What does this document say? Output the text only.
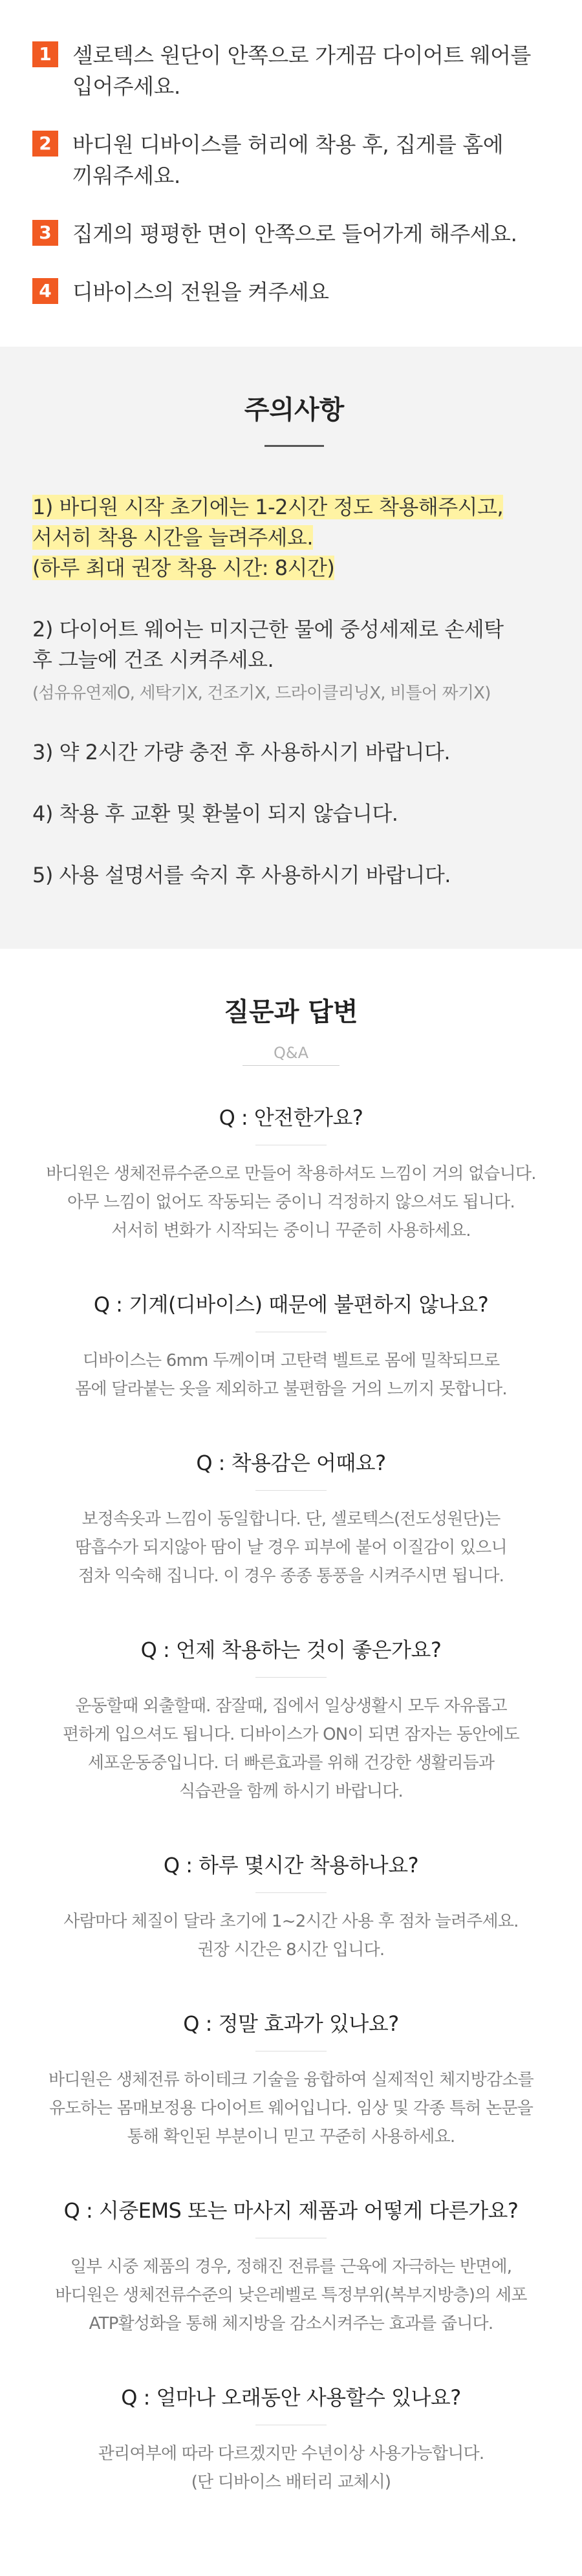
1 셀로텍스 원단이 안쪽으로 가게끔 다이어트 웨어를
입어주세요.
2 바디원 디바이스를 허리에 착용 후, 집게를 홈에
끼워주세요.
3 집게의 평평한 면이 안쪽으로 들어가게 해주세요.
4 디바이스의 전원을 켜주세요
주의사항
1) 바디원 시작 초기에는 1-2시간 정도 착용해주시고,
서서히 착용 시간을 늘려주세요.
(하루 최대 권장 착용 시간: 8시간)
2) 다이어트 웨어는 미지근한 물에 중성세제로 손세탁
후 그늘에 건조 시켜주세요.
(섬유유연제O, 세탁기X, 건조기X, 드라이클리닝X, 비틀어 짜기X)
3) 약 2시간 가량 충전 후 사용하시기 바랍니다.
4) 착용 후 교환 및 환불이 되지 않습니다.
5) 사용 설명서를 숙지 후 사용하시기 바랍니다.
질문과 답변
Q&A
Q : 안전한가요?
바디원은 생체전류수준으로 만들어 착용하셔도 느낌이 거의 없습니다.
아무 느낌이 없어도 작동되는 중이니 걱정하지 않으셔도 됩니다.
서서히 변화가 시작되는 중이니 꾸준히 사용하세요.
Q : 기계(디바이스) 때문에 불편하지 않나요?
디바이스는 6mm 두께이며 고탄력 벨트로 몸에 밀착되므로
몸에 달라붙는 옷을 제외하고 불편함을 거의 느끼지 못합니다.
Q : 착용감은 어때요?
보정속옷과 느낌이 동일합니다. 단, 셀로텍스(전도성원단)는
땀흡수가 되지않아 땀이 날 경우 피부에 붙어 이질감이 있으니
점차 익숙해 집니다. 이 경우 종종 통풍을 시켜주시면 됩니다.
Q : 언제 착용하는 것이 좋은가요?
운동할때 외출할때. 잠잘때, 집에서 일상생활시 모두 자유롭고
편하게 입으셔도 됩니다. 디바이스가 ON이 되면 잠자는 동안에도
세포운동중입니다. 더 빠른효과를 위해 건강한 생활리듬과
식습관을 함께 하시기 바랍니다.
Q : 하루 몇시간 착용하나요?
사람마다 체질이 달라 초기에 1~2시간 사용 후 점차 늘려주세요.
권장 시간은 8시간 입니다.
Q : 정말 효과가 있나요?
바디원은 생체전류 하이테크 기술을 융합하여 실제적인 체지방감소를
유도하는 몸매보정용 다이어트 웨어입니다. 임상 및 각종 특허 논문을
통해 확인된 부분이니 믿고 꾸준히 사용하세요.
Q : 시중EMS 또는 마사지 제품과 어떻게 다른가요?
일부 시중 제품의 경우, 정해진 전류를 근육에 자극하는 반면에,
바디원은 생체전류수준의 낮은레벨로 특정부위(복부지방층)의 세포
ATP활성화을 통해 체지방을 감소시켜주는 효과를 줍니다.
Q : 얼마나 오래동안 사용할수 있나요?
관리여부에 따라 다르겠지만 수년이상 사용가능합니다.
(단 디바이스 배터리 교체시)
